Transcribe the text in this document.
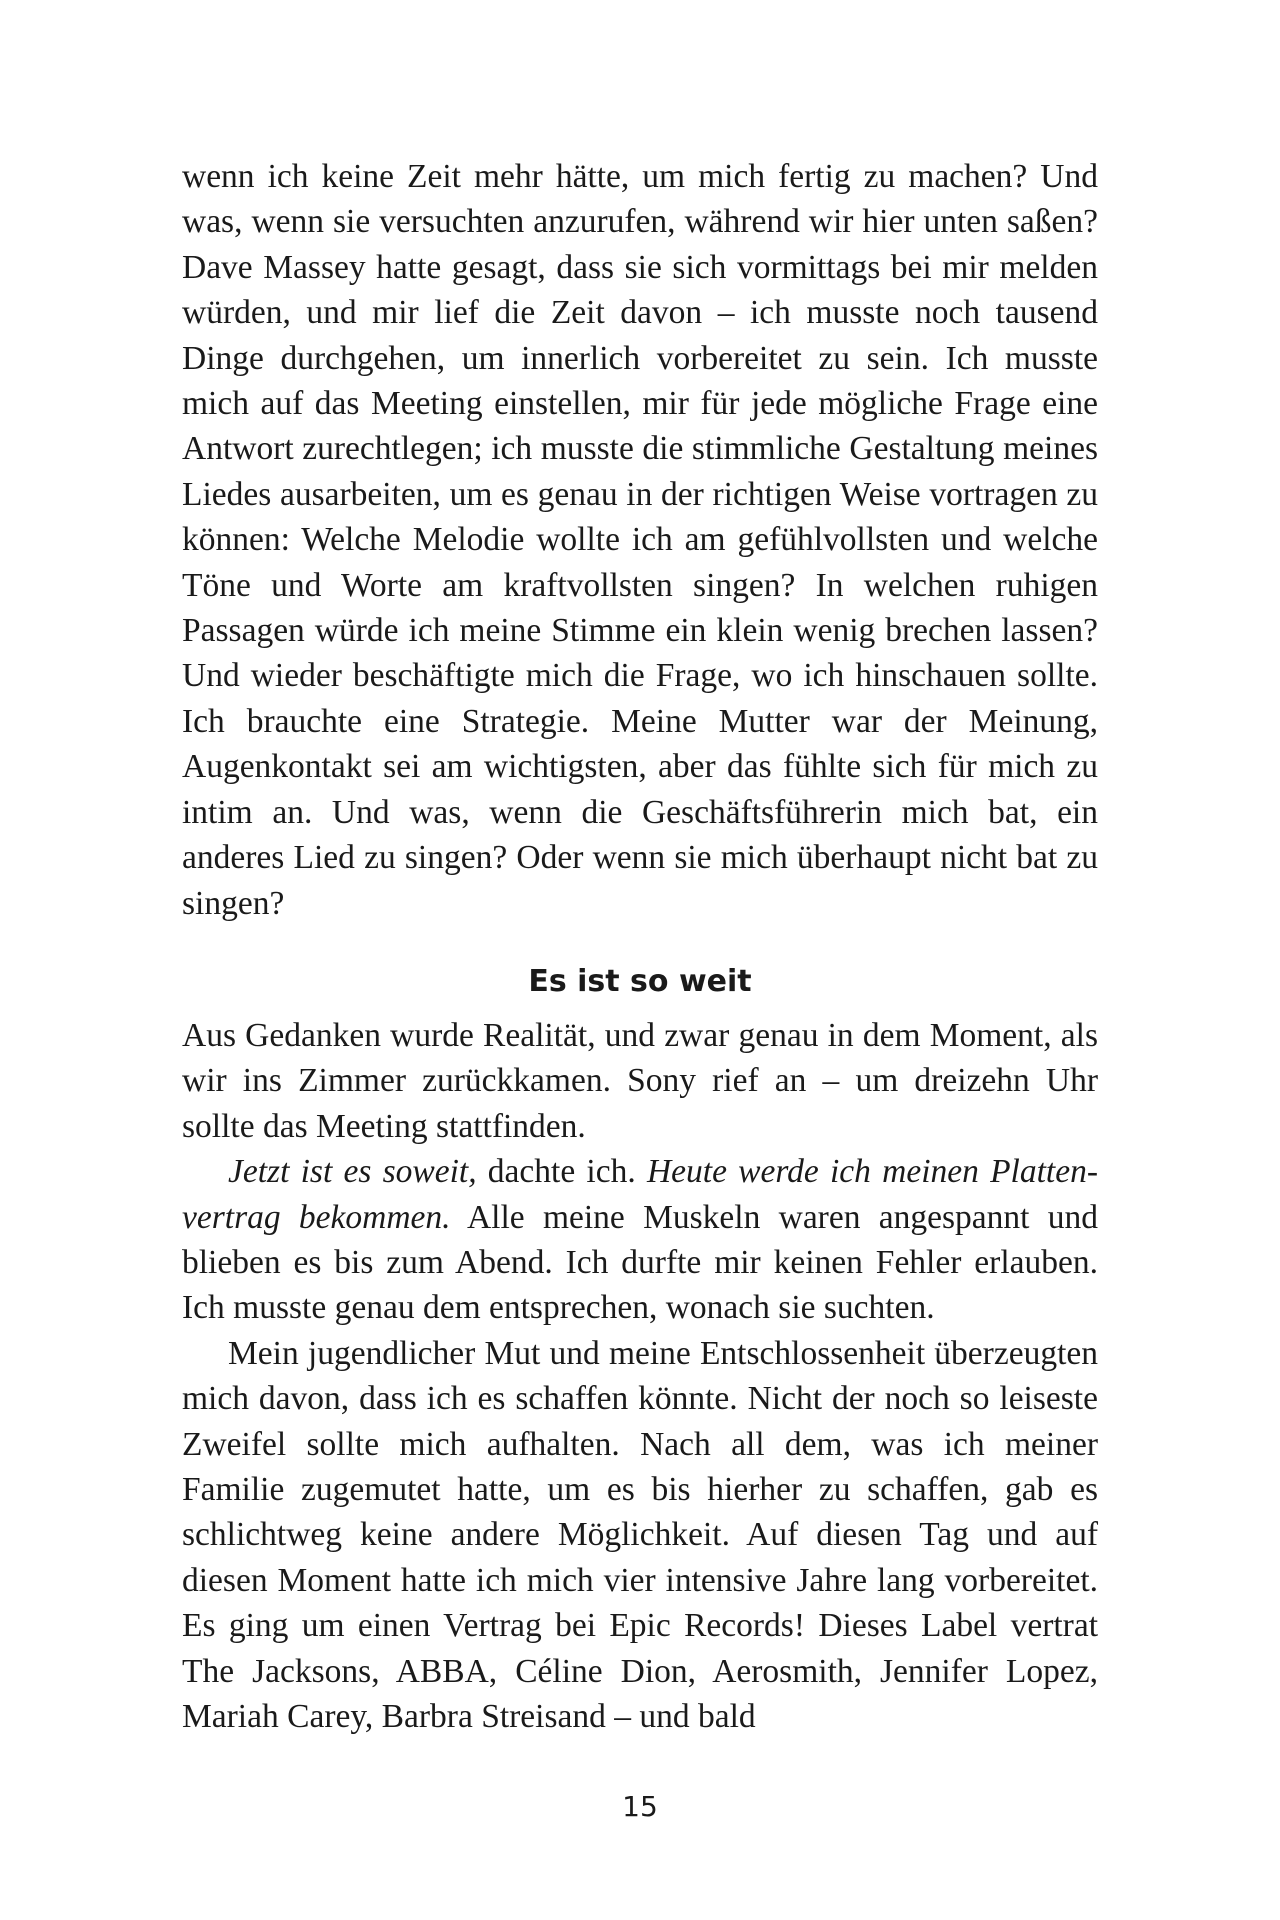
wenn ich keine Zeit mehr hätte, um mich fertig zu machen? Und was, wenn sie versuchten anzurufen, während wir hier unten saßen? Dave Massey hatte gesagt, dass sie sich vormittags bei mir melden würden, und mir lief die Zeit davon – ich musste noch tausend Dinge durchgehen, um innerlich vorbereitet zu sein. Ich musste mich auf das Meeting einstellen, mir für jede mögliche Frage eine Antwort zurechtlegen; ich musste die stimmliche Gestaltung meines Liedes ausarbeiten, um es genau in der richtigen Weise vortragen zu können: Welche Melodie wollte ich am gefühlvollsten und welche Töne und Worte am kraftvollsten singen? In welchen ruhigen Passagen würde ich meine Stimme ein klein wenig brechen lassen? Und wieder beschäftigte mich die Frage, wo ich hinschauen sollte. Ich brauchte eine Strategie. Meine Mutter war der Meinung, Augenkontakt sei am wichtigsten, aber das fühlte sich für mich zu intim an. Und was, wenn die Geschäftsführerin mich bat, ein anderes Lied zu singen? Oder wenn sie mich überhaupt nicht bat zu singen?

Es ist so weit

Aus Gedanken wurde Realität, und zwar genau in dem Moment, als wir ins Zimmer zurückkamen. Sony rief an – um dreizehn Uhr sollte das Meeting stattfinden.

Jetzt ist es soweit, dachte ich. Heute werde ich meinen Plattenvertrag bekommen. Alle meine Muskeln waren angespannt und blieben es bis zum Abend. Ich durfte mir keinen Fehler erlauben. Ich musste genau dem entsprechen, wonach sie suchten.

Mein jugendlicher Mut und meine Entschlossenheit überzeugten mich davon, dass ich es schaffen könnte. Nicht der noch so leiseste Zweifel sollte mich aufhalten. Nach all dem, was ich meiner Familie zugemutet hatte, um es bis hierher zu schaffen, gab es schlichtweg keine andere Möglichkeit. Auf diesen Tag und auf diesen Moment hatte ich mich vier intensive Jahre lang vorbereitet. Es ging um einen Vertrag bei Epic Records! Dieses Label vertrat The Jacksons, ABBA, Céline Dion, Aerosmith, Jennifer Lopez, Mariah Carey, Barbra Streisand – und bald

15
